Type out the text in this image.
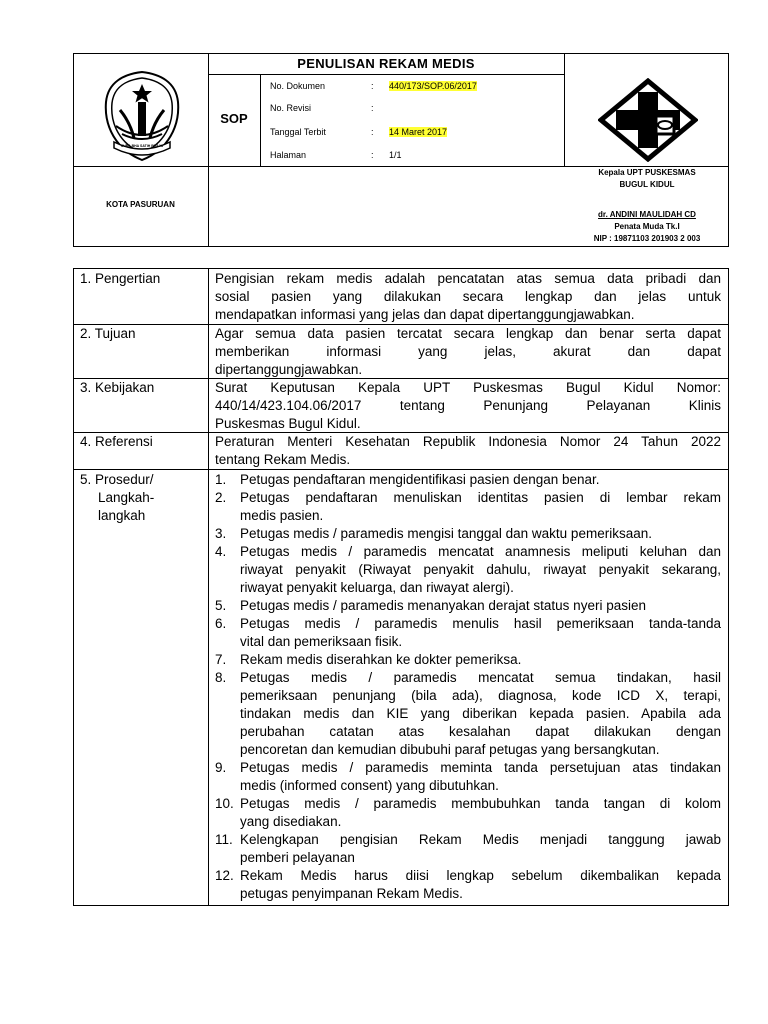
PENULISAN REKAM MEDIS
SURA BHA SATIH PRAJA
KOTA PASURUAN
SOP
No. Dokumen	: 440/173/SOP.06/2017
No. Revisi	:
Tanggal Terbit	: 14 Maret 2017
Halaman	: 1/1
Kepala UPT PUSKESMAS
BUGUL KIDUL
dr. ANDINI MAULIDAH CD
Penata Muda Tk.I
NIP : 19871103 201903 2 003
1. Pengertian	Pengisian rekam medis adalah pencatatan atas semua data pribadi dan
sosial pasien yang dilakukan secara lengkap dan jelas untuk
mendapatkan informasi yang jelas dan dapat dipertanggungjawabkan.
2. Tujuan	Agar semua data pasien tercatat secara lengkap dan benar serta dapat
memberikan informasi yang jelas, akurat dan dapat
dipertanggungjawabkan.
3. Kebijakan	Surat Keputusan Kepala UPT Puskesmas Bugul Kidul Nomor:
440/14/423.104.06/2017 tentang Penunjang Pelayanan Klinis
Puskesmas Bugul Kidul.
4. Referensi	Peraturan Menteri Kesehatan Republik Indonesia Nomor 24 Tahun 2022
tentang Rekam Medis.
5. Prosedur/
Langkah-
langkah
1.	Petugas pendaftaran mengidentifikasi pasien dengan benar.
2.	Petugas pendaftaran menuliskan identitas pasien di lembar rekam
medis pasien.
3.	Petugas medis / paramedis mengisi tanggal dan waktu pemeriksaan.
4.	Petugas medis / paramedis mencatat anamnesis meliputi keluhan dan
riwayat penyakit (Riwayat penyakit dahulu, riwayat penyakit sekarang,
riwayat penyakit keluarga, dan riwayat alergi).
5.	Petugas medis / paramedis menanyakan derajat status nyeri pasien
6.	Petugas medis / paramedis menulis hasil pemeriksaan tanda-tanda
vital dan pemeriksaan fisik.
7.	Rekam medis diserahkan ke dokter pemeriksa.
8.	Petugas medis / paramedis mencatat semua tindakan, hasil
pemeriksaan penunjang (bila ada), diagnosa, kode ICD X, terapi,
tindakan medis dan KIE yang diberikan kepada pasien. Apabila ada
perubahan catatan atas kesalahan dapat dilakukan dengan
pencoretan dan kemudian dibubuhi paraf petugas yang bersangkutan.
9.	Petugas medis / paramedis meminta tanda persetujuan atas tindakan
medis (informed consent) yang dibutuhkan.
10. Petugas medis / paramedis membubuhkan tanda tangan di kolom
yang disediakan.
11. Kelengkapan pengisian Rekam Medis menjadi tanggung jawab
pemberi pelayanan
12. Rekam Medis harus diisi lengkap sebelum dikembalikan kepada
petugas penyimpanan Rekam Medis.
